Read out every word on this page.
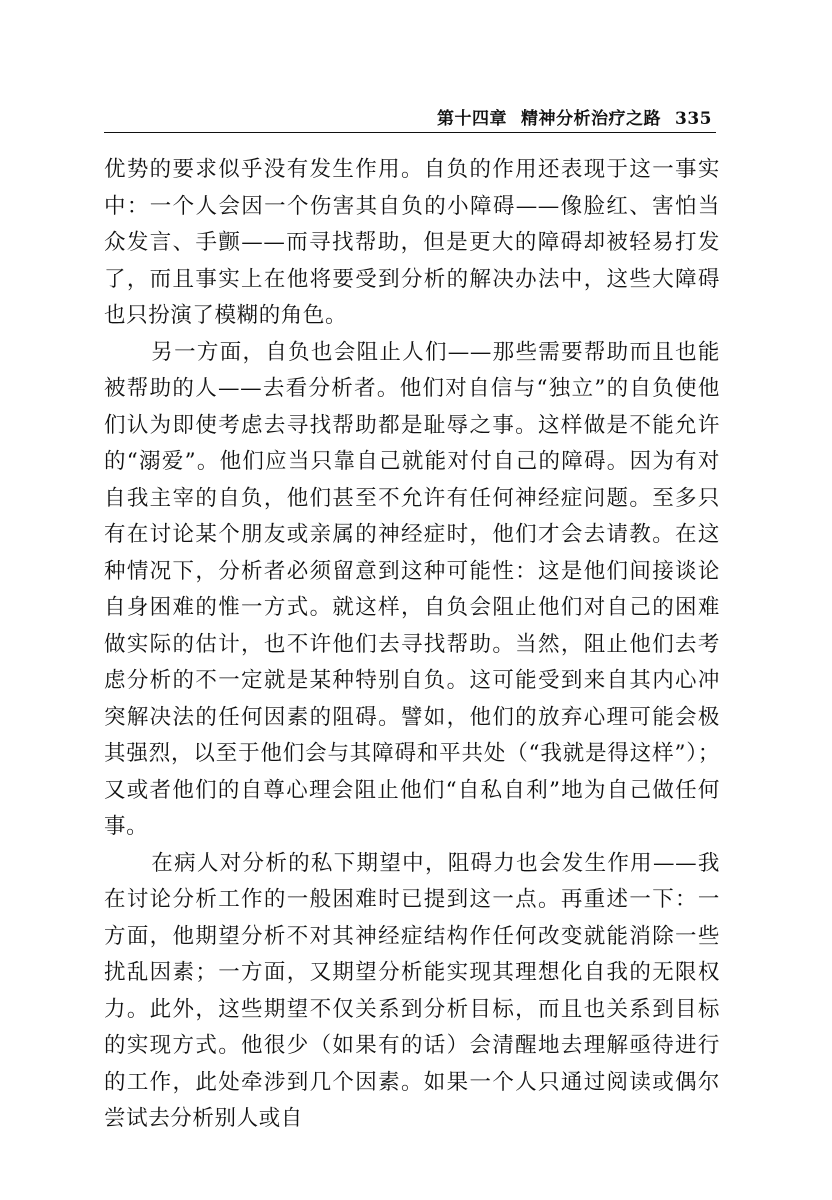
第十四章 精神分析治疗之路 335

优势的要求似乎没有发生作用。自负的作用还表现于这一事实中：一个人会因一个伤害其自负的小障碍——像脸红、害怕当众发言、手颤——而寻找帮助，但是更大的障碍却被轻易打发了，而且事实上在他将要受到分析的解决办法中，这些大障碍也只扮演了模糊的角色。

另一方面，自负也会阻止人们——那些需要帮助而且也能被帮助的人——去看分析者。他们对自信与“独立”的自负使他们认为即使考虑去寻找帮助都是耻辱之事。这样做是不能允许的“溺爱”。他们应当只靠自己就能对付自己的障碍。因为有对自我主宰的自负，他们甚至不允许有任何神经症问题。至多只有在讨论某个朋友或亲属的神经症时，他们才会去请教。在这种情况下，分析者必须留意到这种可能性：这是他们间接谈论自身困难的惟一方式。就这样，自负会阻止他们对自己的困难做实际的估计，也不许他们去寻找帮助。当然，阻止他们去考虑分析的不一定就是某种特别自负。这可能受到来自其内心冲突解决法的任何因素的阻碍。譬如，他们的放弃心理可能会极其强烈，以至于他们会与其障碍和平共处（“我就是得这样”）；又或者他们的自尊心理会阻止他们“自私自利”地为自己做任何事。

在病人对分析的私下期望中，阻碍力也会发生作用——我在讨论分析工作的一般困难时已提到这一点。再重述一下：一方面，他期望分析不对其神经症结构作任何改变就能消除一些扰乱因素；一方面，又期望分析能实现其理想化自我的无限权力。此外，这些期望不仅关系到分析目标，而且也关系到目标的实现方式。他很少（如果有的话）会清醒地去理解亟待进行的工作，此处牵涉到几个因素。如果一个人只通过阅读或偶尔尝试去分析别人或自
